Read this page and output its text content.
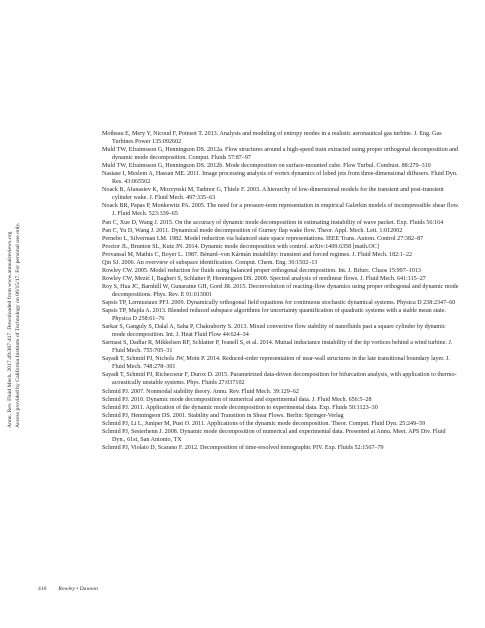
Annu. Rev. Fluid Mech. 2017.49:387-417. Downloaded from www.annualreviews.org Access provided by California Institute of Technology on 06/15/17. For personal use only.
Motheau E, Mery Y, Nicoud F, Poinsot T. 2013. Analysis and modeling of entropy modes in a realistic aeronautical gas turbine. J. Eng. Gas Turbines Power 135:092602
Muld TW, Efraimsson G, Henningson DS. 2012a. Flow structures around a high-speed train extracted using proper orthogonal decomposition and dynamic mode decomposition. Comput. Fluids 57:87–97
Muld TW, Efraimsson G, Henningson DS. 2012b. Mode decomposition on surface-mounted cube. Flow Turbul. Combust. 88:279–310
Nastase I, Meslem A, Hassan ME. 2011. Image processing analysis of vortex dynamics of lobed jets from three-dimensional diffusers. Fluid Dyn. Res. 43:065502
Noack B, Afanasiev K, Morzynski M, Tadmor G, Thiele F. 2003. A hierarchy of low-dimensional models for the transient and post-transient cylinder wake. J. Fluid Mech. 497:335–63
Noack BR, Papas P, Monkewitz PA. 2005. The need for a pressure-term representation in empirical Galerkin models of incompressible shear flow. J. Fluid Mech. 523:339–65
Pan C, Xue D, Wang J. 2015. On the accuracy of dynamic mode decomposition in estimating instability of wave packet. Exp. Fluids 56:164
Pan C, Yu D, Wang J. 2011. Dynamical mode decomposition of Gurney flap wake flow. Theor. Appl. Mech. Lett. 1:012002
Pernebo L, Silverman LM. 1982. Model reduction via balanced state space representations. IEEE Trans. Autom. Control 27:382–87
Proctor JL, Brunton SL, Kutz JN. 2014. Dynamic mode decomposition with control. arXiv:1409.6358 [math.OC]
Provansal M, Mathis C, Boyer L. 1987. Bénard–von Kármán instability: transient and forced regimes. J. Fluid Mech. 182:1–22
Qin SJ. 2006. An overview of subspace identification. Comput. Chem. Eng. 30:1502–13
Rowley CW. 2005. Model reduction for fluids using balanced proper orthogonal decomposition. Int. J. Bifurc. Chaos 15:997–1013
Rowley CW, Mezić I, Bagheri S, Schlatter P, Henningson DS. 2009. Spectral analysis of nonlinear flows. J. Fluid Mech. 641:115–27
Roy S, Hua JC, Barnhill W, Gunaratne GH, Gord JR. 2015. Deconvolution of reacting-flow dynamics using proper orthogonal and dynamic mode decompositions. Phys. Rev. E 91:013001
Sapsis TP, Lermusiaux PFJ. 2009. Dynamically orthogonal field equations for continuous stochastic dynamical systems. Physica D 238:2347–60
Sapsis TP, Majda A. 2013. Blended reduced subspace algorithms for uncertainty quantification of quadratic systems with a stable mean state. Physica D 258:61–76
Sarkar S, Ganguly S, Dalal A, Saha P, Chakraborty S. 2013. Mixed convective flow stability of nanofluids past a square cylinder by dynamic mode decomposition. Int. J. Heat Fluid Flow 44:624–34
Sarmast S, Dadfar R, Mikkelsen RF, Schlatter P, Ivanell S, et al. 2014. Mutual inductance instability of the tip vortices behind a wind turbine. J. Fluid Mech. 755:705–31
Sayadi T, Schmid PJ, Nichols JW, Moin P. 2014. Reduced-order representation of near-wall structures in the late transitional boundary layer. J. Fluid Mech. 748:278–301
Sayadi T, Schmid PJ, Richecoeur F, Durox D. 2015. Parametrized data-driven decomposition for bifurcation analysis, with application to thermo-acoustically unstable systems. Phys. Fluids 27:037102
Schmid PJ. 2007. Nonmodal stability theory. Annu. Rev. Fluid Mech. 39:129–62
Schmid PJ. 2010. Dynamic mode decomposition of numerical and experimental data. J. Fluid Mech. 656:5–28
Schmid PJ. 2011. Application of the dynamic mode decomposition to experimental data. Exp. Fluids 50:1123–30
Schmid PJ, Henningson DS. 2001. Stability and Transition in Shear Flows. Berlin: Springer-Verlag
Schmid PJ, Li L, Juniper M, Pust O. 2011. Applications of the dynamic mode decomposition. Theor. Comput. Fluid Dyn. 25:249–59
Schmid PJ, Sesterhenn J. 2008. Dynamic mode decomposition of numerical and experimental data. Presented at Annu. Meet. APS Div. Fluid Dyn., 61st, San Antonio, TX
Schmid PJ, Violato D, Scarano F. 2012. Decomposition of time-resolved tomographic PIV. Exp. Fluids 52:1567–79
416 Rowley • Dawson
